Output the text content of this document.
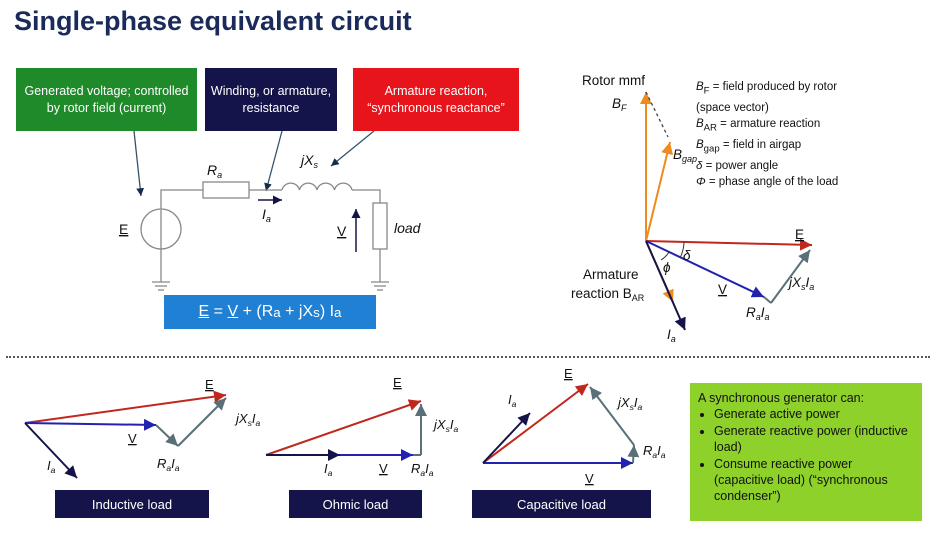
Single-phase equivalent circuit
Generated voltage; controlled by rotor field (current)
Winding, or armature, resistance
Armature reaction, “synchronous reactance”
$R_a$
$jX_s$
$I_a$
E	V	load
Rotor mmf
$B_F$
$B_{gap}$
E
δ
ϕ
V
Armature
reaction $B_{AR}$
$jX_sI_a$
$R_aI_a$
$I_a$
E
$jX_sI_a$
V
$R_aI_a$
$I_a$
E
$jX_sI_a$
$I_a$	V $R_aI_a$
E
$jX_sI_a$
$I_a$
$R_aI_a$
V
E = V + (R a + jX s ) I a
$B_F$ = field produced by rotor
(space vector)
$B_{AR}$ = armature reaction
$B_{gap}$ = field in airgap
δ = power angle
Φ = phase angle of the load
Inductive load	Ohmic load	Capacitive load
A synchronous generator can:
• Generate active power
• Generate reactive power (inductive load)
• Consume reactive power (capacitive load) (“synchronous condenser”)
